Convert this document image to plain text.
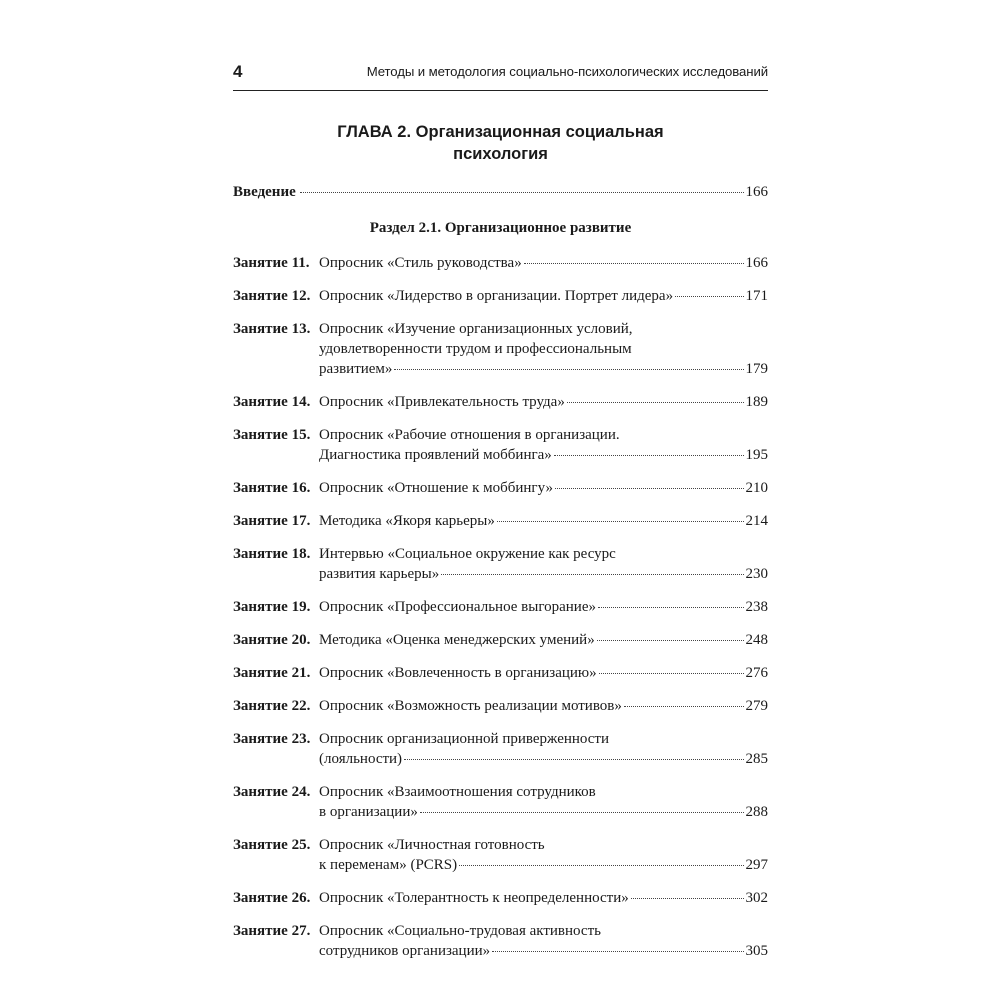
4	Методы и методология социально-психологических исследований
ГЛАВА 2. Организационная социальная
психология
Введение	166
Раздел 2.1. Организационное развитие
Занятие 11. Опросник «Стиль руководства»	166
Занятие 12. Опросник «Лидерство в организации. Портрет лидера»	171
Занятие 13. Опросник «Изучение организационных условий,
удовлетворенности трудом и профессиональным
развитием»	179
Занятие 14. Опросник «Привлекательность труда»	189
Занятие 15. Опросник «Рабочие отношения в организации.
Диагностика проявлений моббинга»	195
Занятие 16. Опросник «Отношение к моббингу»	210
Занятие 17. Методика «Якоря карьеры»	214
Занятие 18. Интервью «Социальное окружение как ресурс
развития карьеры»	230
Занятие 19. Опросник «Профессиональное выгорание»	238
Занятие 20. Методика «Оценка менеджерских умений»	248
Занятие 21. Опросник «Вовлеченность в организацию»	276
Занятие 22. Опросник «Возможность реализации мотивов»	279
Занятие 23. Опросник организационной приверженности
(лояльности)	285
Занятие 24. Опросник «Взаимоотношения сотрудников
в организации»	288
Занятие 25. Опросник «Личностная готовность
к переменам» (PCRS)	297
Занятие 26. Опросник «Толерантность к неопределенности»	302
Занятие 27. Опросник «Социально-трудовая активность
сотрудников организации»	305
